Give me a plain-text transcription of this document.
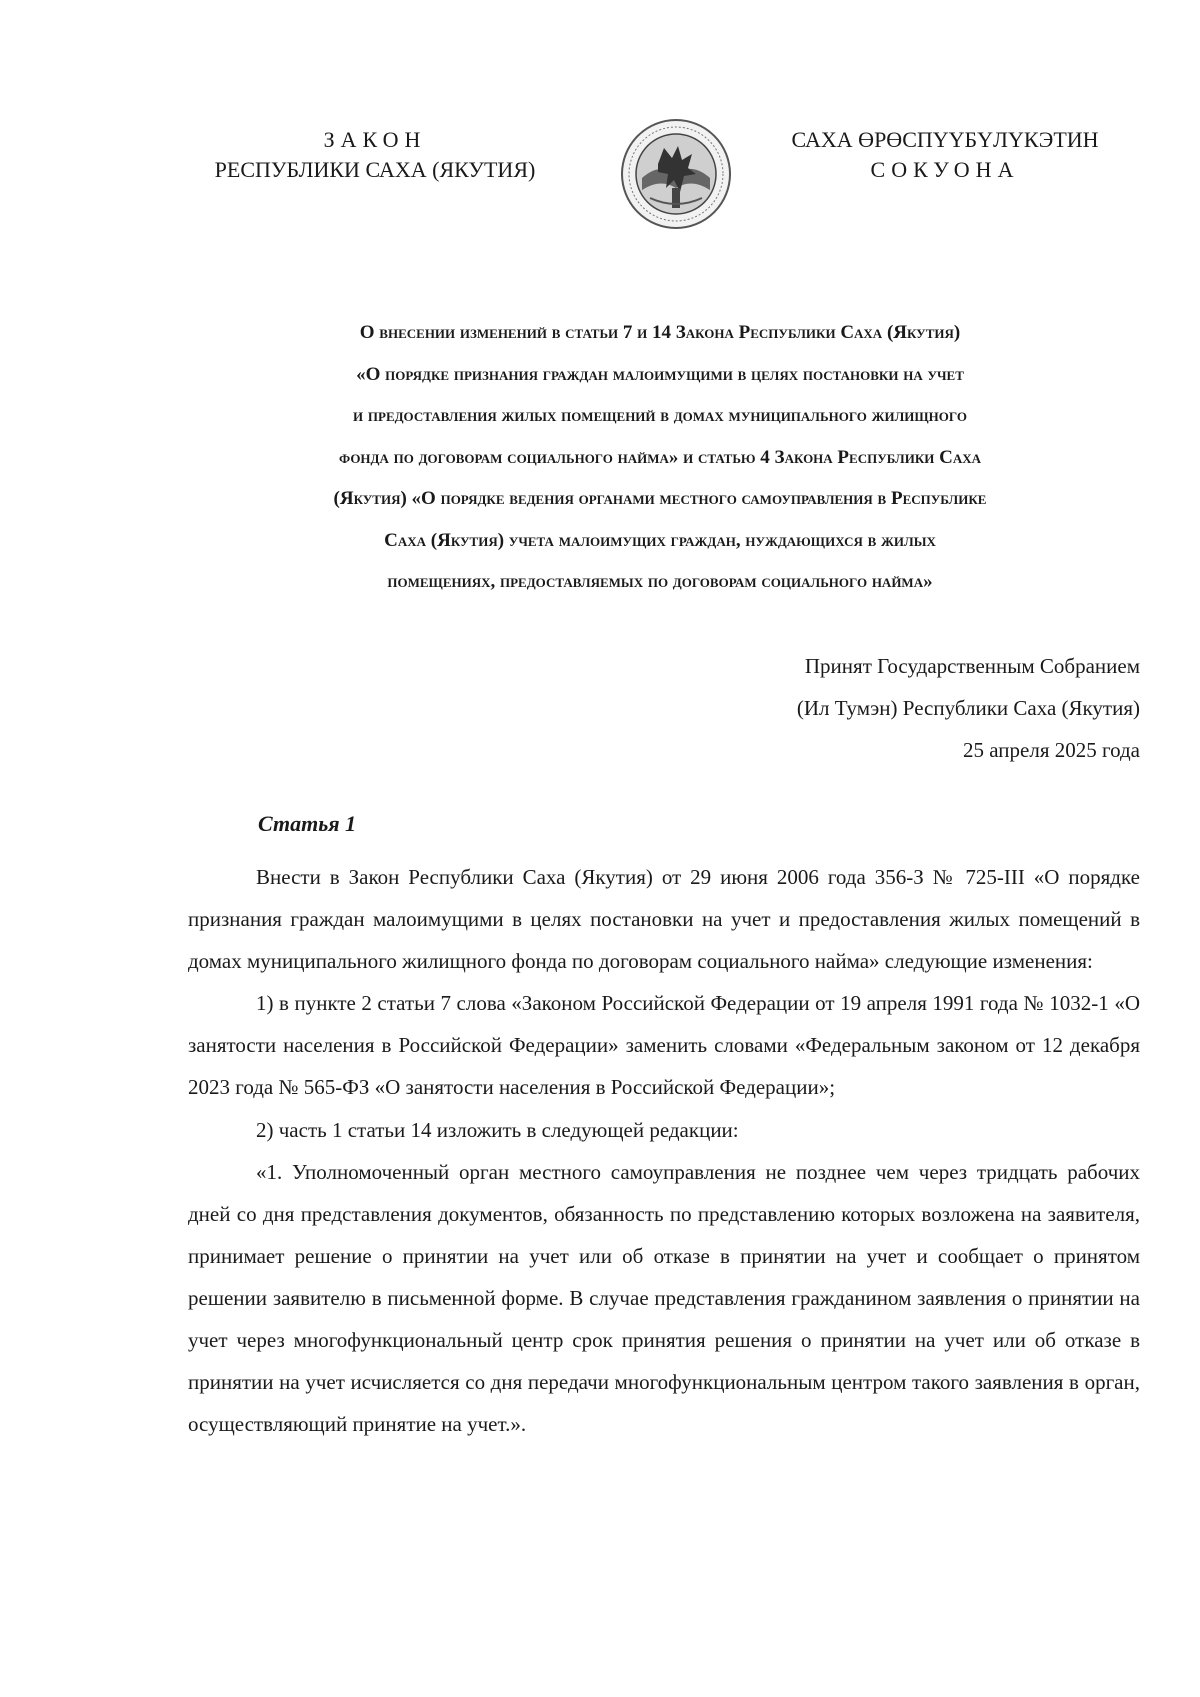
ЗАКОН
РЕСПУБЛИКИ САХА (ЯКУТИЯ)
САХА ӨРӨСПҮҮБҮЛҮКЭТИН
СОКУОНА
О внесении изменений в статьи 7 и 14 Закона Республики Саха (Якутия)
«О порядке признания граждан малоимущими в целях постановки на учет
и предоставления жилых помещений в домах муниципального жилищного
фонда по договорам социального найма» и статью 4 Закона Республики Саха
(Якутия) «О порядке ведения органами местного самоуправления в Республике
Саха (Якутия) учета малоимущих граждан, нуждающихся в жилых
помещениях, предоставляемых по договорам социального найма»
Принят Государственным Собранием
(Ил Тумэн) Республики Саха (Якутия)
25 апреля 2025 года
Статья 1

Внести в Закон Республики Саха (Якутия) от 29 июня 2006 года 356-З № 725-III «О порядке признания граждан малоимущими в целях постановки на учет и предоставления жилых помещений в домах муниципального жилищного фонда по договорам социального найма» следующие изменения:

1) в пункте 2 статьи 7 слова «Законом Российской Федерации от 19 апреля 1991 года № 1032-1 «О занятости населения в Российской Федерации» заменить словами «Федеральным законом от 12 декабря 2023 года № 565-ФЗ «О занятости населения в Российской Федерации»;

2) часть 1 статьи 14 изложить в следующей редакции:

«1. Уполномоченный орган местного самоуправления не позднее чем через тридцать рабочих дней со дня представления документов, обязанность по представлению которых возложена на заявителя, принимает решение о принятии на учет или об отказе в принятии на учет и сообщает о принятом решении заявителю в письменной форме. В случае представления гражданином заявления о принятии на учет через многофункциональный центр срок принятия решения о принятии на учет или об отказе в принятии на учет исчисляется со дня передачи многофункциональным центром такого заявления в орган, осуществляющий принятие на учет.».
